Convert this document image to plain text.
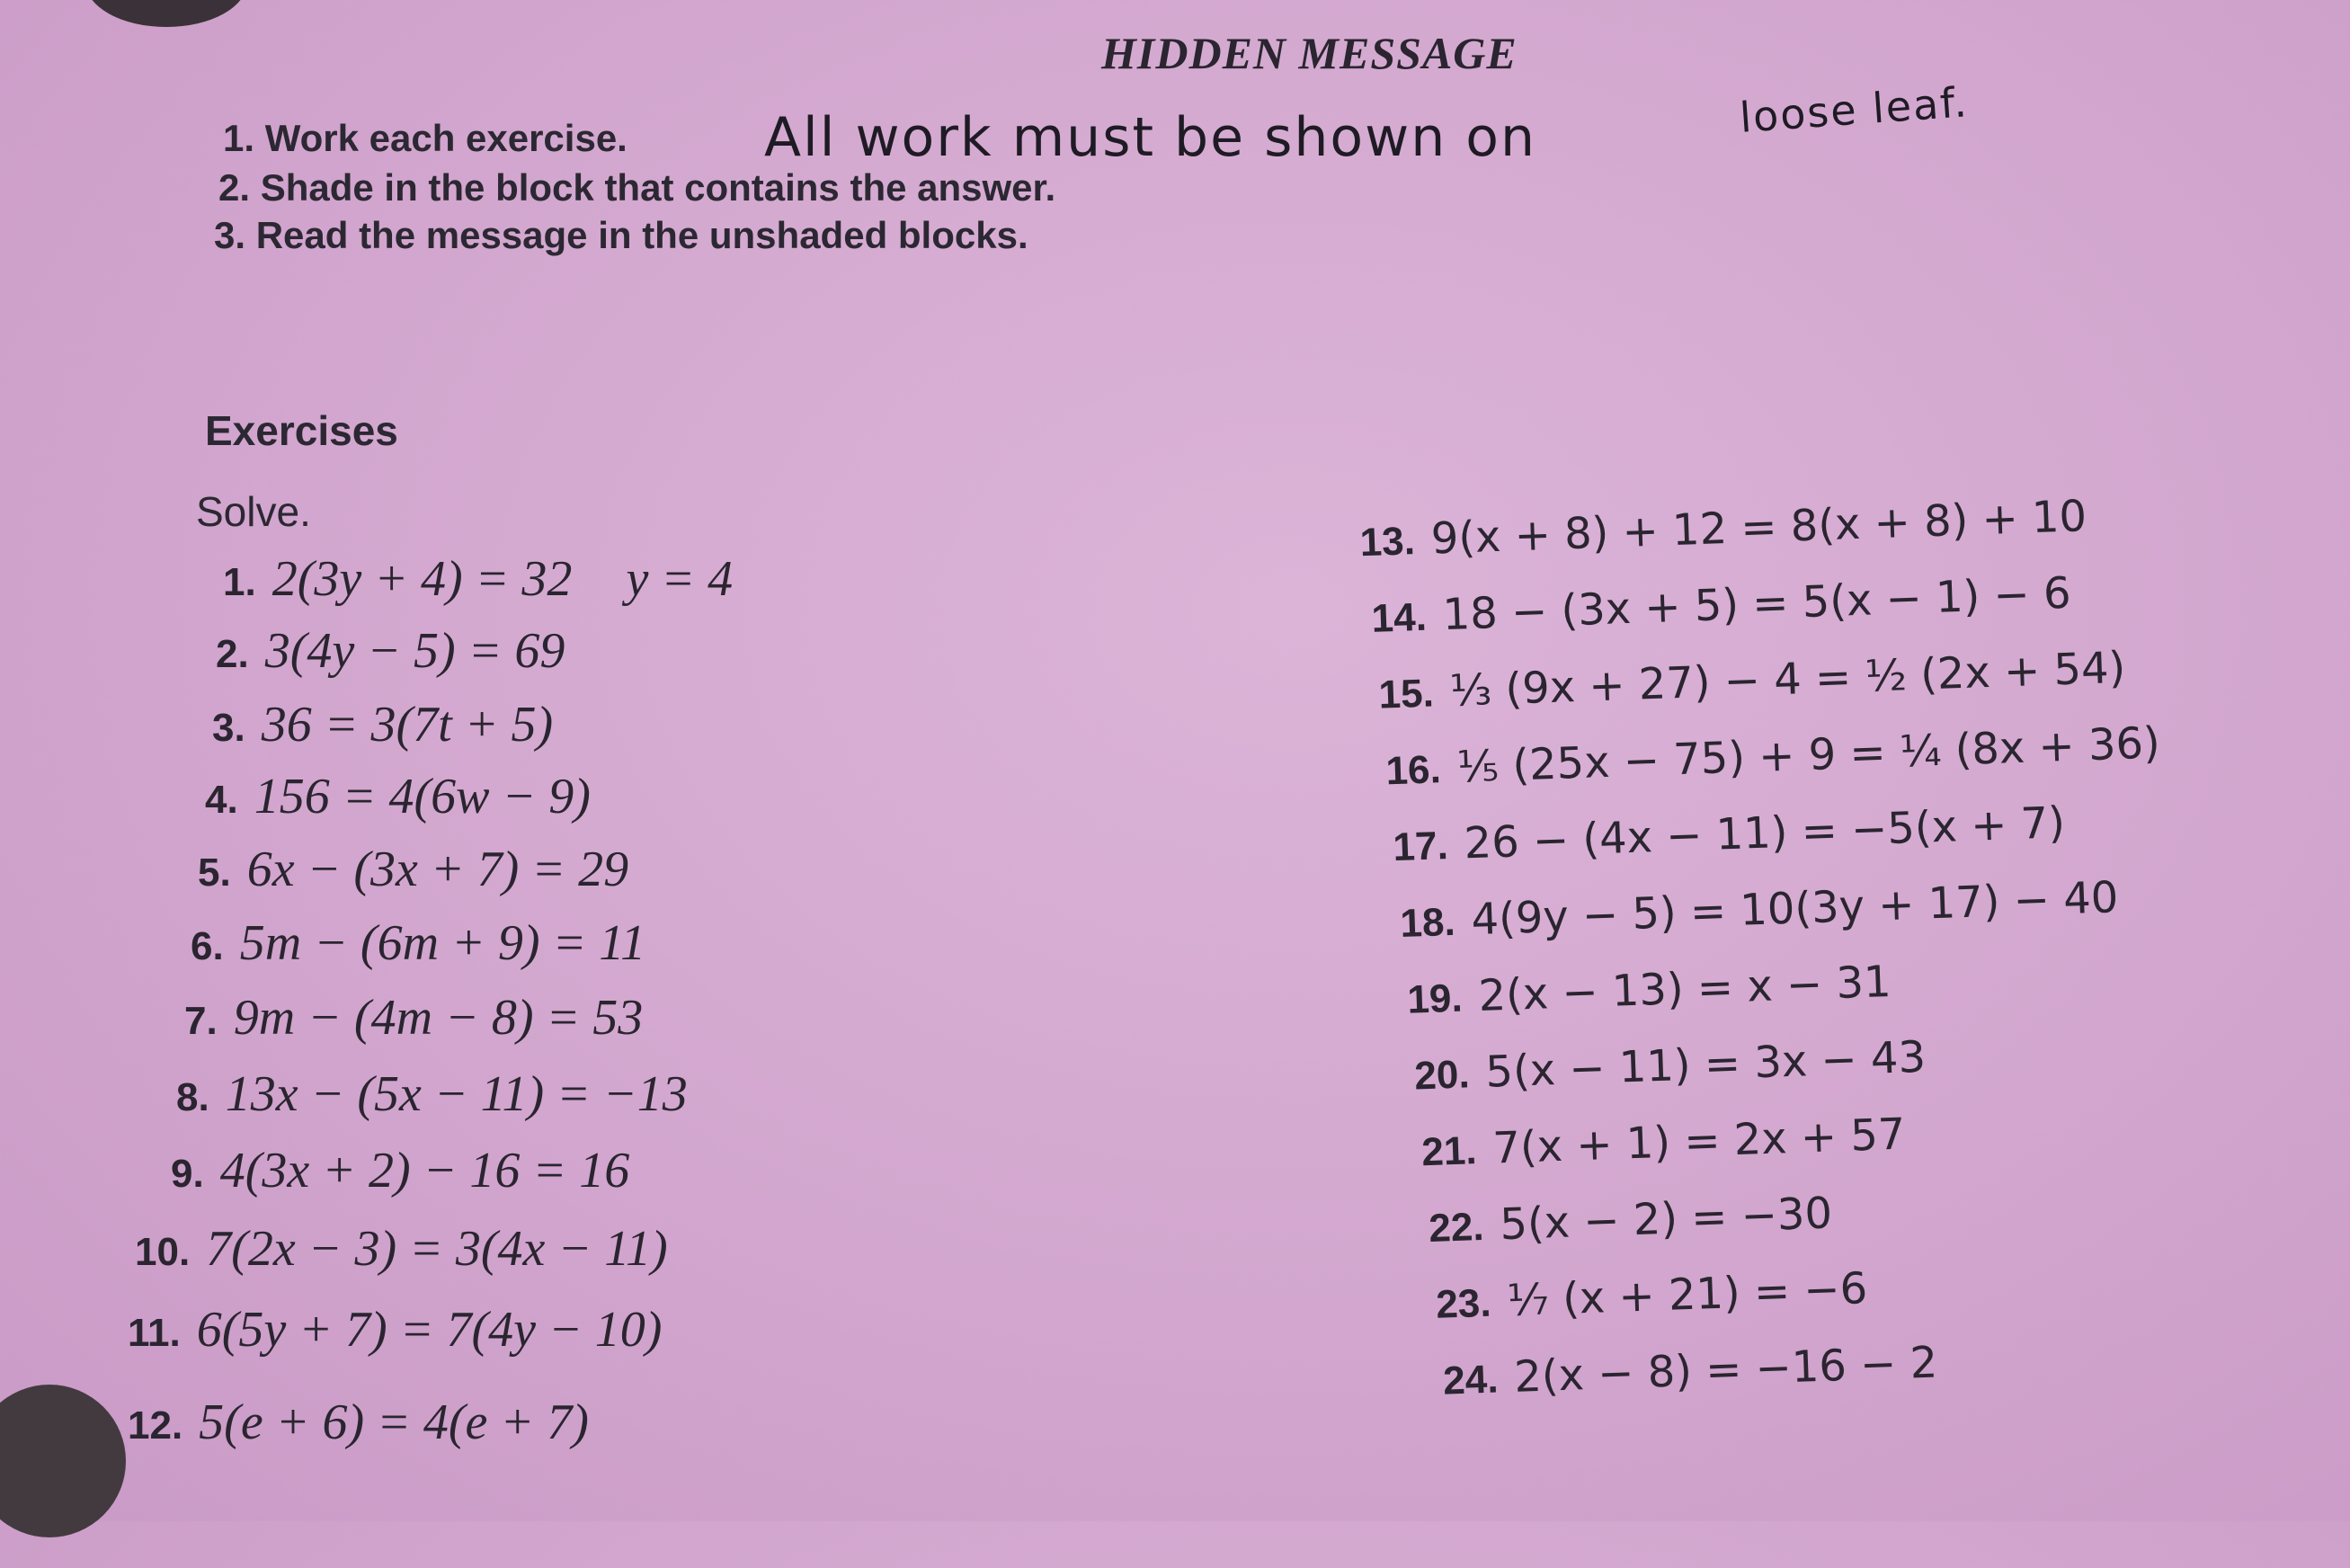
HIDDEN MESSAGE
1. Work each exercise.	All work must be shown on	loose leaf.
2. Shade in the block that contains the answer.
3. Read the message in the unshaded blocks.
Exercises
Solve.
1. 2(3y + 4) = 32 y = 4
2. 3(4y − 5) = 69
3. 36 = 3(7t + 5)
4. 156 = 4(6w − 9)
5. 6x − (3x + 7) = 29
6. 5m − (6m + 9) = 11
7. 9m − (4m − 8) = 53
8. 13x − (5x − 11) = −13
9. 4(3x + 2) − 16 = 16
10. 7(2x − 3) = 3(4x − 11)
11. 6(5y + 7) = 7(4y − 10)
12. 5(e + 6) = 4(e + 7)
13. 9(x + 8) + 12 = 8(x + 8) + 10
14. 18 − (3x + 5) = 5(x − 1) − 6
15. ⅓ (9x + 27) − 4 = ½ (2x + 54)
16. ⅕ (25x − 75) + 9 = ¼ (8x + 36)
17. 26 − (4x − 11) = −5(x + 7)
18. 4(9y − 5) = 10(3y + 17) − 40
19. 2(x − 13) = x − 31
20. 5(x − 11) = 3x − 43
21. 7(x + 1) = 2x + 57
22. 5(x − 2) = −30
23. ⅐ (x + 21) = −6
24. 2(x − 8) = −16 − 2
